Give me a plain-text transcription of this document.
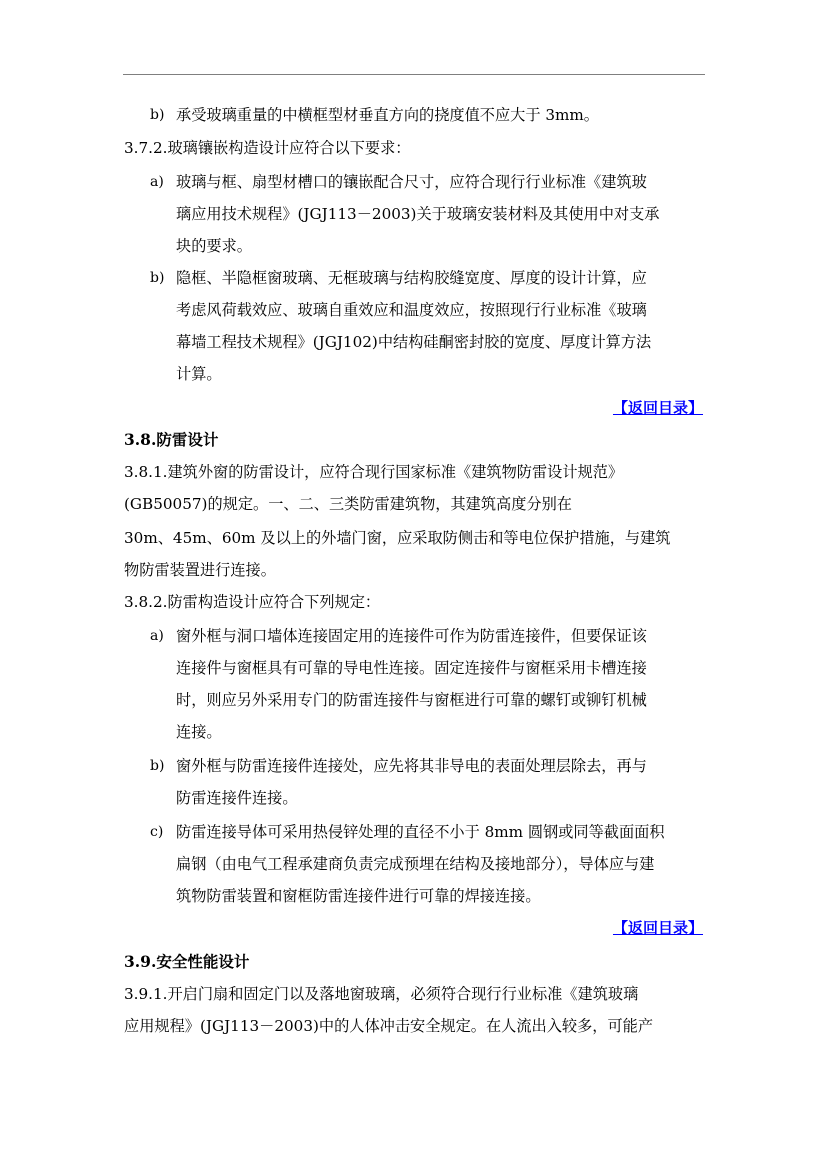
b) 承受玻璃重量的中横框型材垂直方向的挠度值不应大于 3mm。
3.7.2.玻璃镶嵌构造设计应符合以下要求：
a) 玻璃与框、扇型材槽口的镶嵌配合尺寸，应符合现行行业标准《建筑玻
璃应用技术规程》(JGJ113－2003)关于玻璃安装材料及其使用中对支承
块的要求。
b) 隐框、半隐框窗玻璃、无框玻璃与结构胶缝宽度、厚度的设计计算，应
考虑风荷载效应、玻璃自重效应和温度效应，按照现行行业标准《玻璃
幕墙工程技术规程》(JGJ102)中结构硅酮密封胶的宽度、厚度计算方法
计算。
【返回目录】
3.8.防雷设计
3.8.1.建筑外窗的防雷设计，应符合现行国家标准《建筑物防雷设计规范》
(GB50057)的规定。一、二、三类防雷建筑物，其建筑高度分别在
30m、45m、60m 及以上的外墙门窗，应采取防侧击和等电位保护措施，与建筑
物防雷装置进行连接。
3.8.2.防雷构造设计应符合下列规定：
a) 窗外框与洞口墙体连接固定用的连接件可作为防雷连接件，但要保证该
连接件与窗框具有可靠的导电性连接。固定连接件与窗框采用卡槽连接
时，则应另外采用专门的防雷连接件与窗框进行可靠的螺钉或铆钉机械
连接。
b) 窗外框与防雷连接件连接处，应先将其非导电的表面处理层除去，再与
防雷连接件连接。
c) 防雷连接导体可采用热侵锌处理的直径不小于 8mm 圆钢或同等截面面积
扁钢（由电气工程承建商负责完成预埋在结构及接地部分），导体应与建
筑物防雷装置和窗框防雷连接件进行可靠的焊接连接。
【返回目录】
3.9.安全性能设计
3.9.1.开启门扇和固定门以及落地窗玻璃，必须符合现行行业标准《建筑玻璃
应用规程》(JGJ113－2003)中的人体冲击安全规定。在人流出入较多，可能产
